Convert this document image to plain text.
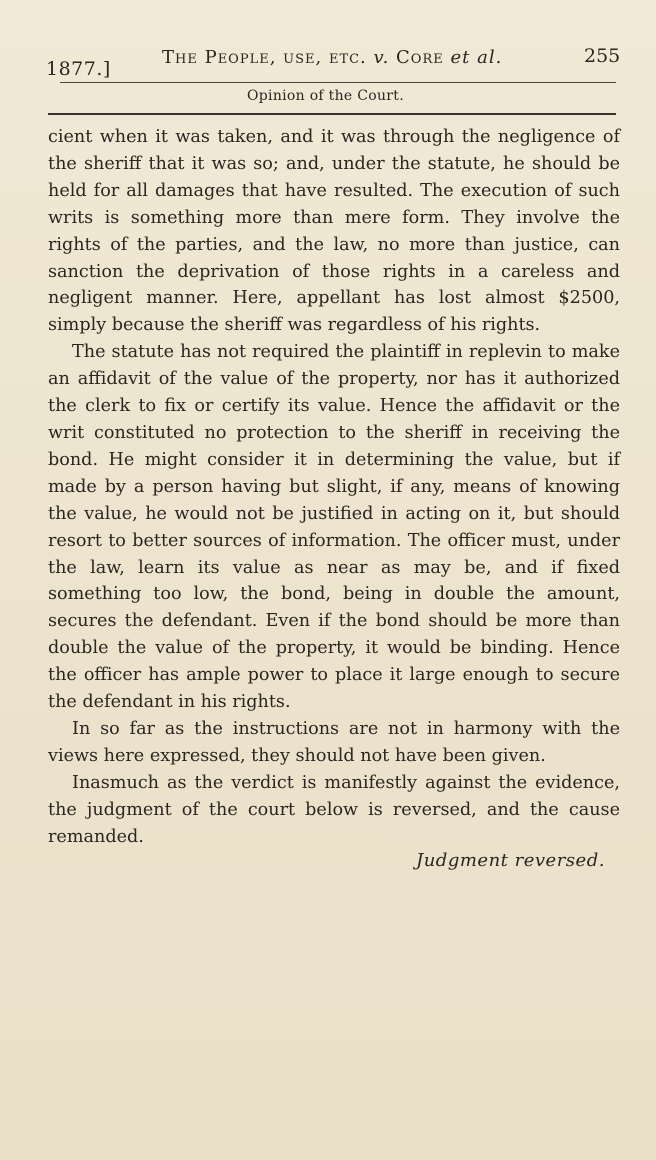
1877.]
The People, use, etc. v. Core et al.	255
Opinion of the Court.

cient when it was taken, and it was through the negligence of the sheriff that it was so; and, under the statute, he should be held for all damages that have resulted. The execution of such writs is something more than mere form. They involve the rights of the parties, and the law, no more than justice, can sanction the deprivation of those rights in a careless and negligent manner. Here, appellant has lost almost $2500, simply because the sheriff was regardless of his rights.

The statute has not required the plaintiff in replevin to make an affidavit of the value of the property, nor has it authorized the clerk to fix or certify its value. Hence the affidavit or the writ constituted no protection to the sheriff in receiving the bond. He might consider it in determining the value, but if made by a person having but slight, if any, means of knowing the value, he would not be justified in acting on it, but should resort to better sources of information. The officer must, under the law, learn its value as near as may be, and if fixed something too low, the bond, being in double the amount, secures the defendant. Even if the bond should be more than double the value of the property, it would be binding. Hence the officer has ample power to place it large enough to secure the defendant in his rights.

In so far as the instructions are not in harmony with the views here expressed, they should not have been given.

Inasmuch as the verdict is manifestly against the evidence, the judgment of the court below is reversed, and the cause remanded.

Judgment reversed.
